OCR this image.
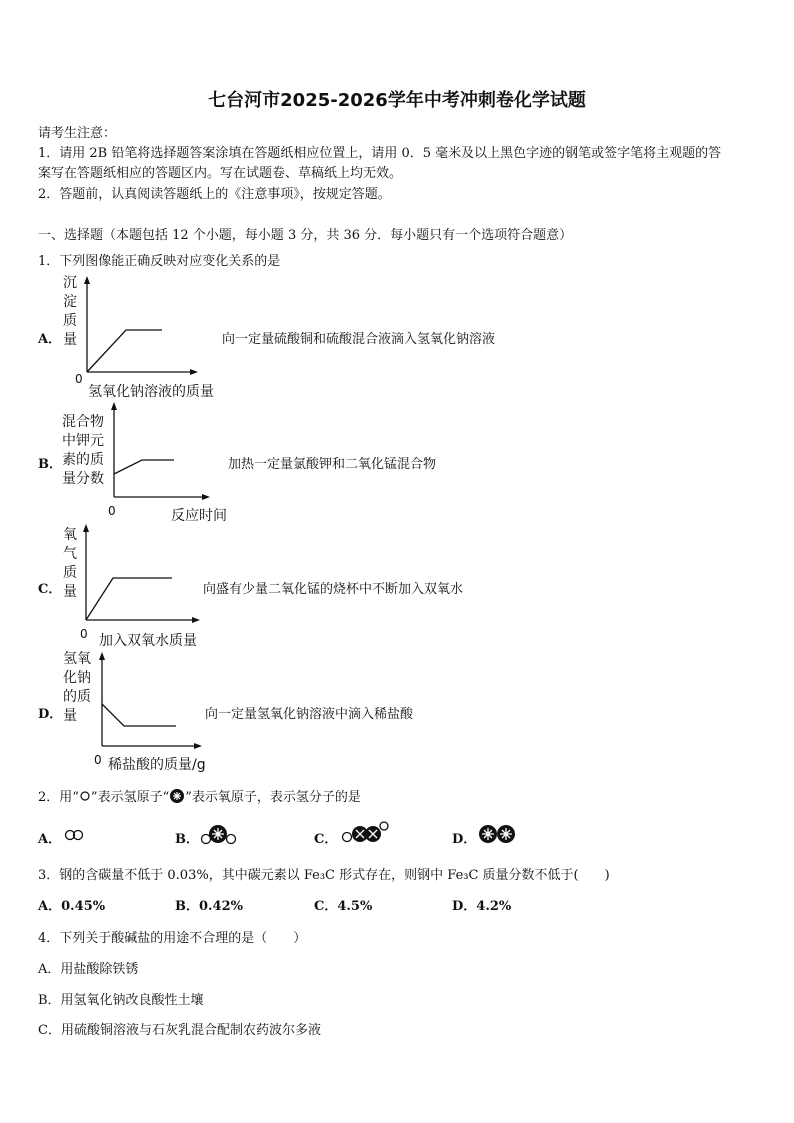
七台河市2025-2026学年中考冲刺卷化学试题
请考生注意：
1．请用 2B 铅笔将选择题答案涂填在答题纸相应位置上，请用 0．5 毫米及以上黑色字迹的钢笔或签字笔将主观题的答
案写在答题纸相应的答题区内。写在试题卷、草稿纸上均无效。
2．答题前，认真阅读答题纸上的《注意事项》，按规定答题。
一、选择题（本题包括 12 个小题，每小题 3 分，共 36 分．每小题只有一个选项符合题意）
1．下列图像能正确反映对应变化关系的是
A．
沉
淀
质
量
0
氢氧化钠溶液的质量
向一定量硫酸铜和硫酸混合液滴入氢氧化钠溶液
B．
混合物
中钾元
素的质
量分数
0	反应时间
加热一定量氯酸钾和二氧化锰混合物
C．
氧
气
质
量
0 加入双氧水质量
向盛有少量二氧化锰的烧杯中不断加入双氧水
D．
氢氧
化钠
的质
量
0 稀盐酸的质量/g
向一定量氢氧化钠溶液中滴入稀盐酸
2．用“ ”表示氢原子“ ”表示氧原子，表示氢分子的是
A．	B．	C．	D．
3．钢的含碳量不低于 0.03%，其中碳元素以 Fe₃C 形式存在，则钢中 Fe₃C 质量分数不低于(　　)
A．0.45%	B．0.42%	C．4.5%	D．4.2%
4．下列关于酸碱盐的用途不合理的是（　　）
A．用盐酸除铁锈
B．用氢氧化钠改良酸性土壤
C．用硫酸铜溶液与石灰乳混合配制农药波尔多液
